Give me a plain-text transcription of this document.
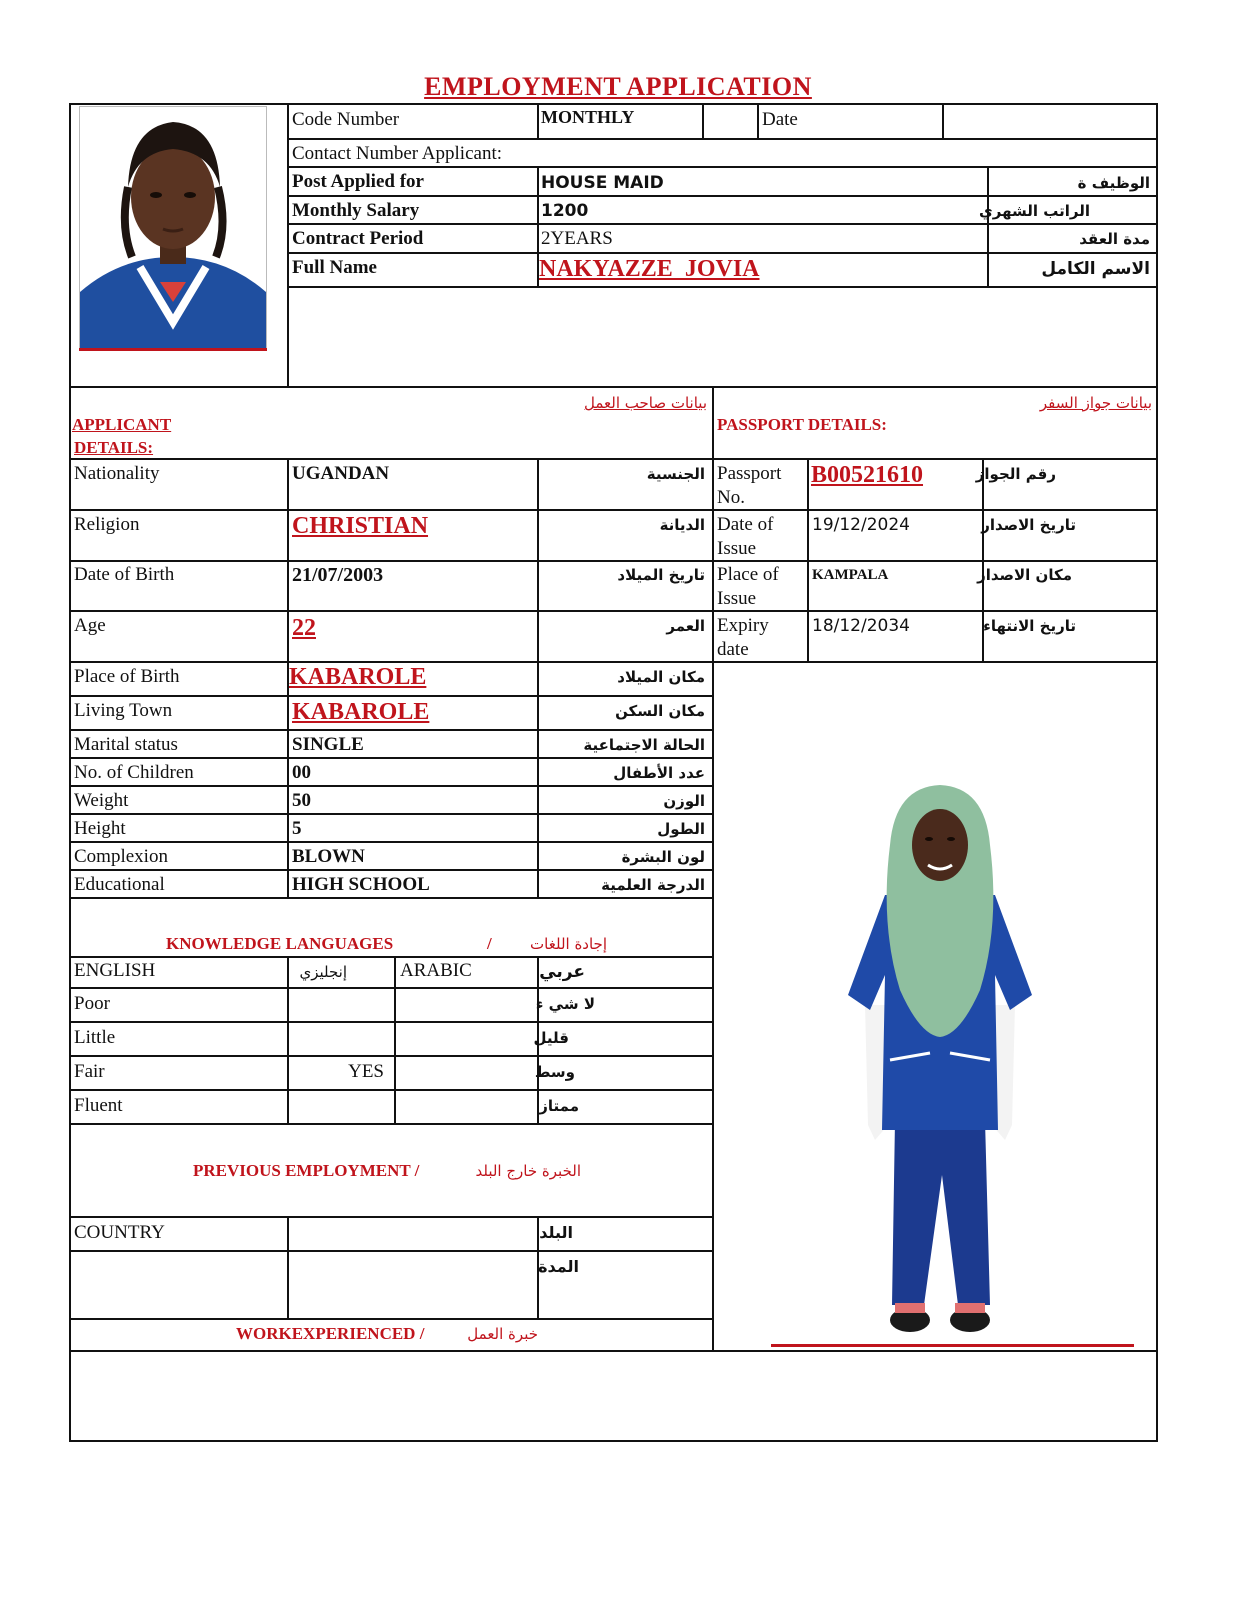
EMPLOYMENT APPLICATION
Code Number	MONTHLY	Date
Contact Number Applicant:
Post Applied for	HOUSE MAID	الوظيف ة
Monthly Salary	1200	الراتب الشهري
Contract Period	2YEARS	مدة العقد
Full Name	NAKYAZZE  JOVIA	الاسم الكامل
بيانات صاحب العمل
APPLICANT
DETAILS:
بيانات جواز السفر
PASSPORT DETAILS:
Nationality	UGANDAN	الجنسية
Religion	CHRISTIAN	الديانة
Date of Birth	21/07/2003	تاريخ الميلاد
Age	22	العمر
Place of Birth	KABAROLE	مكان الميلاد
Living Town	KABAROLE	مكان السكن
Marital status	SINGLE	الحالة الاجتماعية
No. of Children	00	عدد الأطفال
Weight	50	الوزن
Height	5	الطول
Complexion	BLOWN	لون البشرة
Educational	HIGH SCHOOL	الدرجة العلمية
Passport
No.
B00521610	رقم الجواز
Date of
Issue
19/12/2024	تاريخ الاصدار
Place of
Issue
KAMPALA	مكان الاصدار
Expiry
date
18/12/2034	تاريخ الانتهاء
KNOWLEDGE LANGUAGES	/	إجادة اللغات
ENGLISH	إنجليزي	ARABIC	عربي
Poor	لا شي ء
Little	قليل
Fair	YES	وسط
Fluent	ممتاز
PREVIOUS EMPLOYMENT /	الخبرة خارج البلد
COUNTRY	البلد
المدة
WORKEXPERIENCED /	خبرة العمل
